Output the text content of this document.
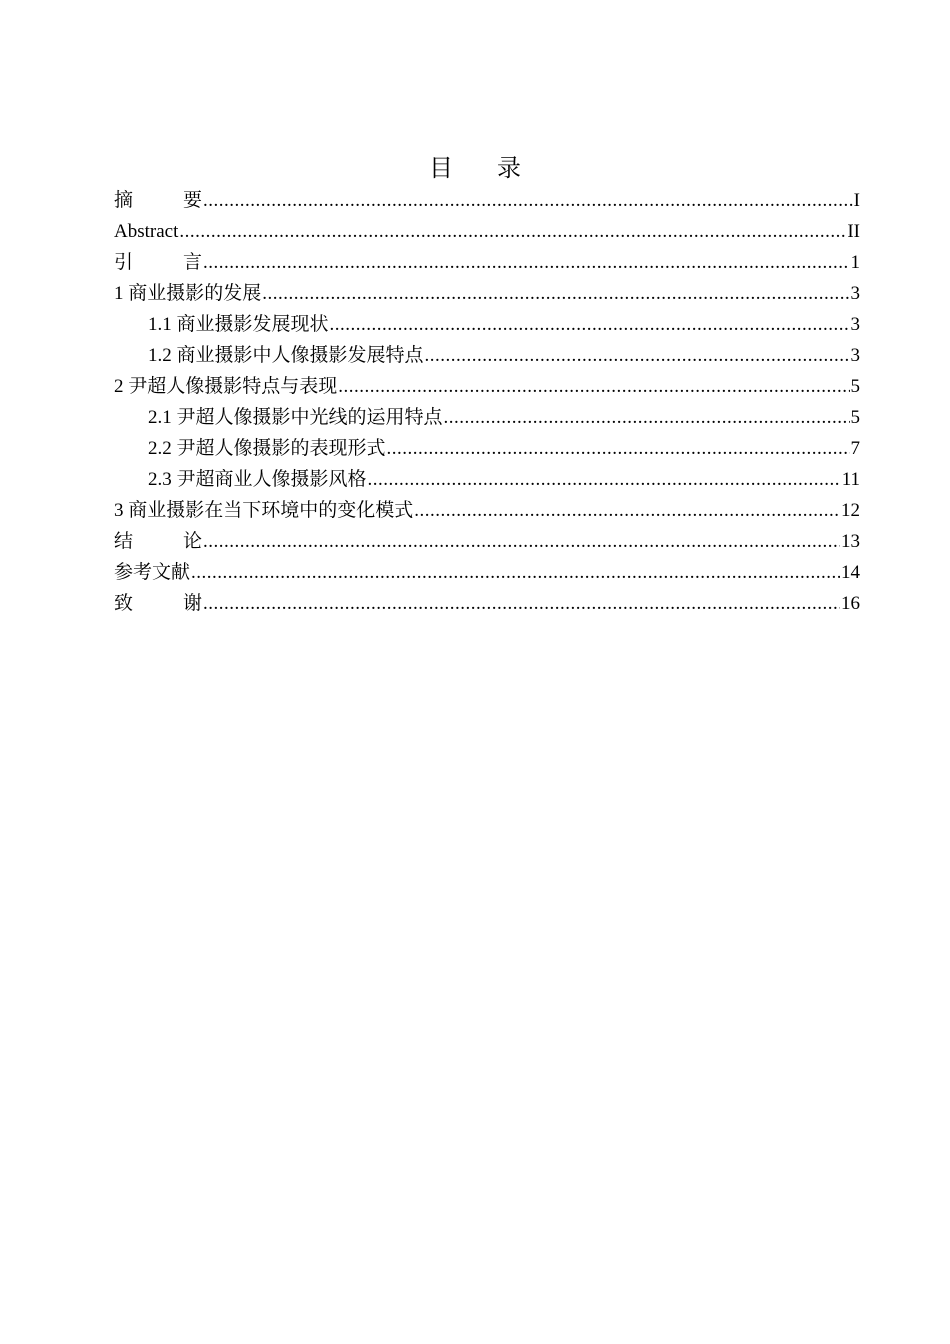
目 录
摘	要 .....	I
Abstract .....	II
引	言 .....	1
1 商业摄影的发展 .....	3
1.1 商业摄影发展现状 .....	3
1.2 商业摄影中人像摄影发展特点 .....	3
2 尹超人像摄影特点与表现 .....	5
2.1 尹超人像摄影中光线的运用特点 .....	5
2.2 尹超人像摄影的表现形式 .....	7
2.3 尹超商业人像摄影风格 .....	11
3 商业摄影在当下环境中的变化模式 .....	12
结	论 .....	13
参考文献 .....	14
致	谢 .....	16
